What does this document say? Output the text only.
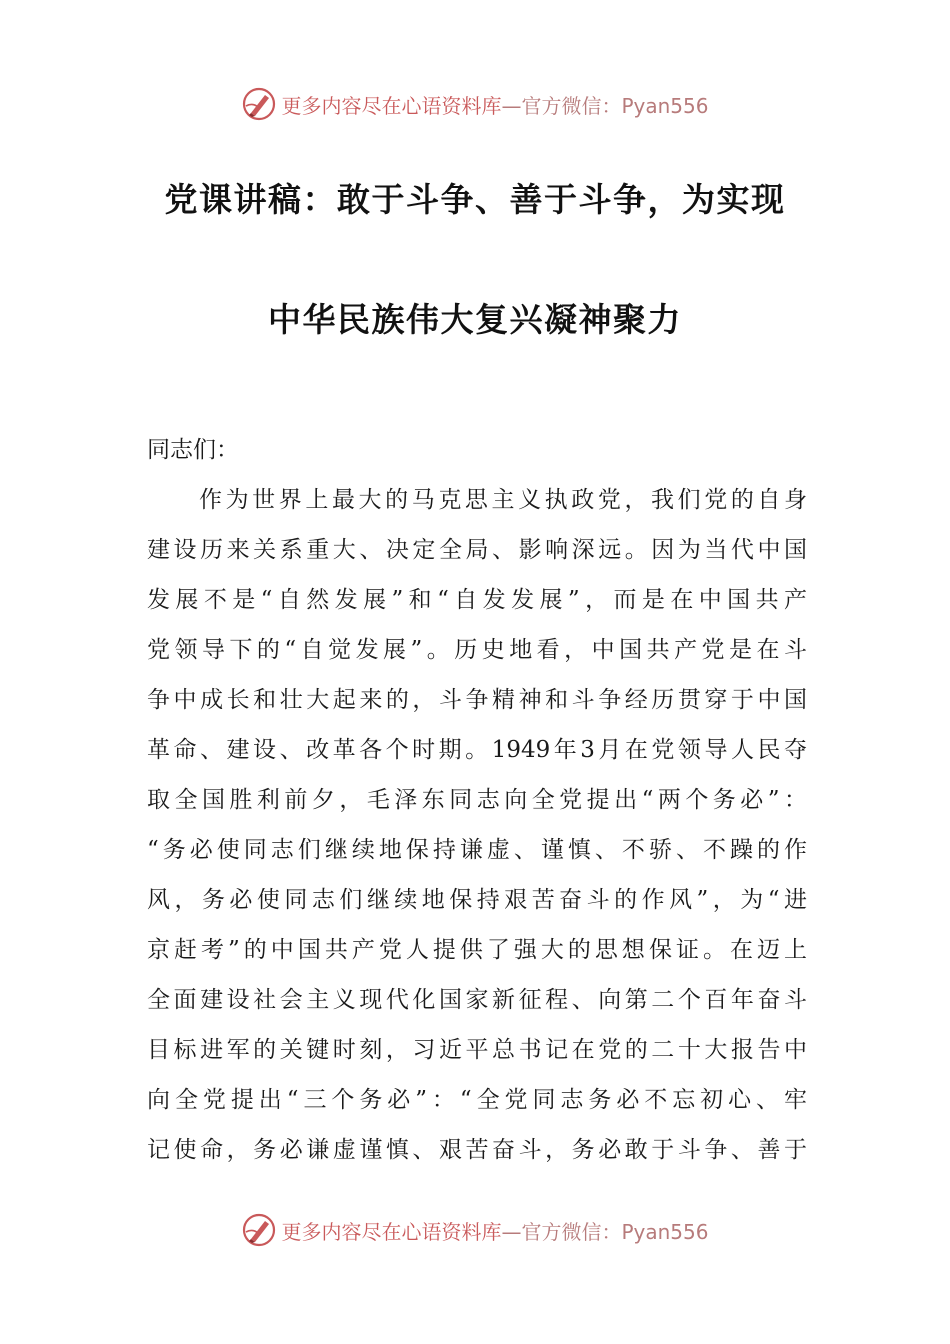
更多内容尽在心语资料库 —官方微信：Pyan556
党课讲稿：敢于斗争、善于斗争，为实现
中华民族伟大复兴凝神聚力
同志们：
作为世界上最大的马克思主义执政党，我们党的自身
建设历来关系重大、决定全局、影响深远。因为当代中国
发展不是“自然发展”和“自发发展”，而是在中国共产
党领导下的“自觉发展”。历史地看，中国共产党是在斗
争中成长和壮大起来的，斗争精神和斗争经历贯穿于中国
革命、建设、改革各个时期。1949年3月在党领导人民夺
取全国胜利前夕，毛泽东同志向全党提出“两个务必”：
“务必使同志们继续地保持谦虚、谨慎、不骄、不躁的作
风，务必使同志们继续地保持艰苦奋斗的作风”，为“进
京赶考”的中国共产党人提供了强大的思想保证。在迈上
全面建设社会主义现代化国家新征程、向第二个百年奋斗
目标进军的关键时刻，习近平总书记在党的二十大报告中
向全党提出“三个务必”：“全党同志务必不忘初心、牢
记使命，务必谦虚谨慎、艰苦奋斗，务必敢于斗争、善于
更多内容尽在心语资料库 —官方微信：Pyan556
